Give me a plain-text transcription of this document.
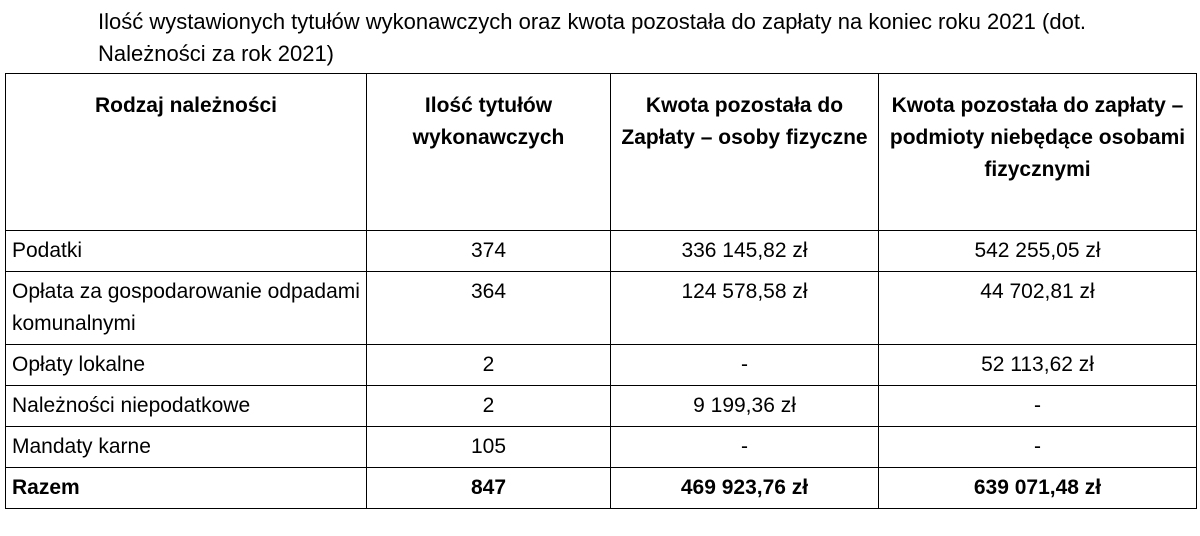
Ilość wystawionych tytułów wykonawczych oraz kwota pozostała do zapłaty na koniec roku 2021 (dot. Należności za rok 2021)

Rodzaj należności	Ilość tytułów wykonawczych	Kwota pozostała do Zapłaty – osoby fizyczne	Kwota pozostała do zapłaty – podmioty niebędące osobami fizycznymi
Podatki	374	336 145,82 zł	542 255,05 zł
Opłata za gospodarowanie odpadami komunalnymi	364	124 578,58 zł	44 702,81 zł
Opłaty lokalne	2	-	52 113,62 zł
Należności niepodatkowe	2	9 199,36 zł	-
Mandaty karne	105	-	-
Razem	847	469 923,76 zł	639 071,48 zł
